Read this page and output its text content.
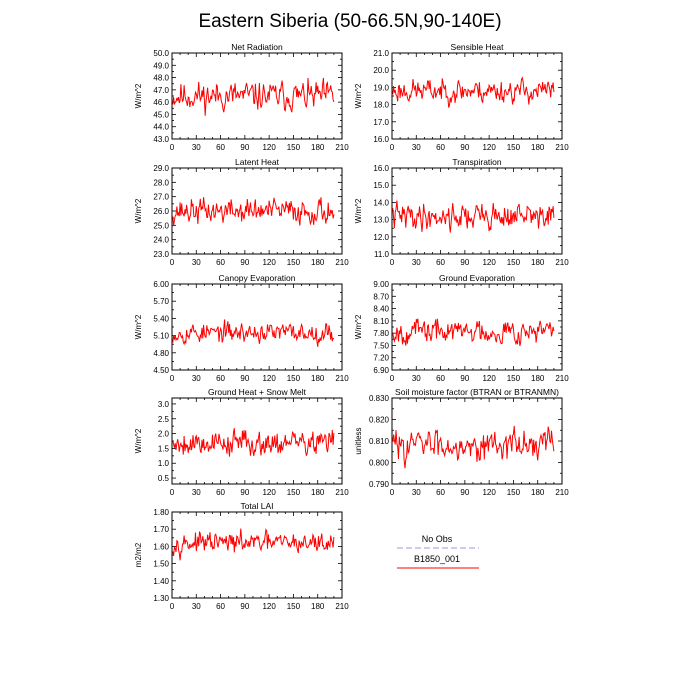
Eastern Siberia (50-66.5N,90-140E)
Net Radiation
0 30 60 90 120 150 180 210
43.0
44.0
45.0
46.0
47.0
48.0
49.0
50.0
W/m^2
Sensible Heat
0 30 60 90 120 150 180 210
16.0
17.0
18.0
19.0
20.0
21.0
W/m^2
Latent Heat
0 30 60 90 120 150 180 210
23.0
24.0
25.0
26.0
27.0
28.0
29.0
W/m^2
Transpiration
0 30 60 90 120 150 180 210
11.0
12.0
13.0
14.0
15.0
16.0
W/m^2
Canopy Evaporation
0 30 60 90 120 150 180 210
4.50
4.80
5.10
5.40
5.70
6.00
W/m^2
Ground Evaporation
0 30 60 90 120 150 180 210
6.90
7.20
7.50
7.80
8.10
8.40
8.70
9.00
W/m^2
Ground Heat + Snow Melt
0 30 60 90 120 150 180 210
0.5
1.0
1.5
2.0
2.5
3.0
W/m^2
Soil moisture factor (BTRAN or BTRANMN)
0 30 60 90 120 150 180 210
0.790
0.800
0.810
0.820
0.830
unitless
Total LAI
0 30 60 90 120 150 180 210
1.30
1.40
1.50
1.60
1.70
1.80
m2/m2
No Obs
B1850_001
